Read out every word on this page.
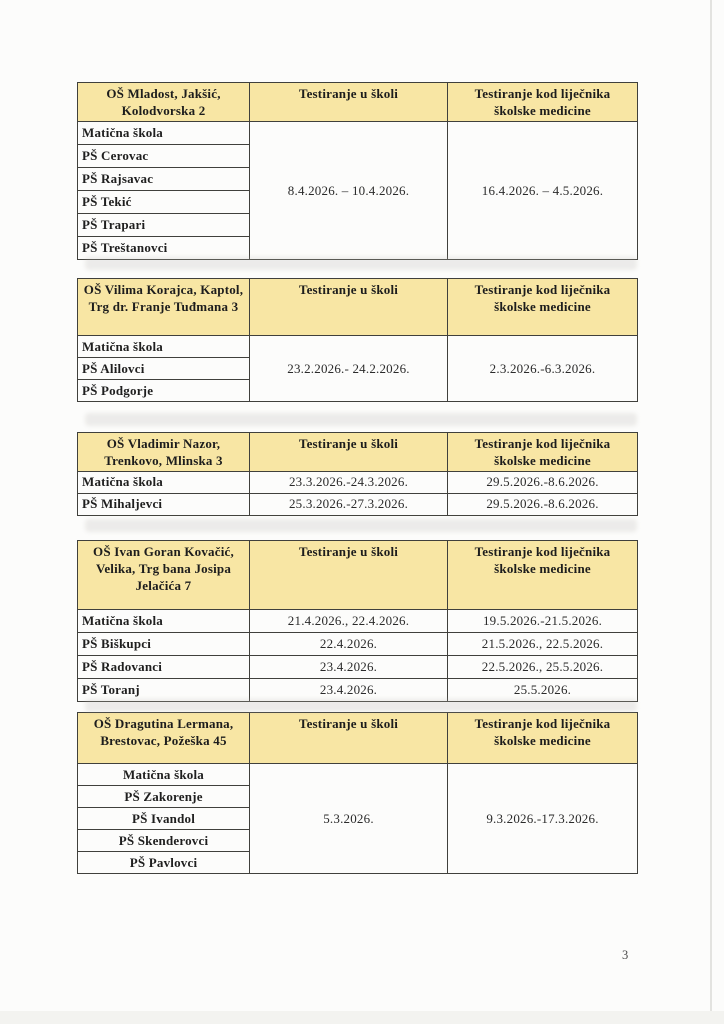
OŠ Mladost, Jakšić, Kolodvorska 2	Testiranje u školi	Testiranje kod liječnika školske medicine
Matična škola	8.4.2026. – 10.4.2026.	16.4.2026. – 4.5.2026.
PŠ Cerovac		
PŠ Rajsavac		
PŠ Tekić		
PŠ Trapari		
PŠ Treštanovci		
OŠ Vilima Korajca, Kaptol, Trg dr. Franje Tuđmana 3	Testiranje u školi	Testiranje kod liječnika školske medicine
Matična škola	23.2.2026.- 24.2.2026.	2.3.2026.-6.3.2026.
PŠ Alilovci		
PŠ Podgorje		
OŠ Vladimir Nazor, Trenkovo, Mlinska 3	Testiranje u školi	Testiranje kod liječnika školske medicine
Matična škola	23.3.2026.-24.3.2026.	29.5.2026.-8.6.2026.
PŠ Mihaljevci	25.3.2026.-27.3.2026.	29.5.2026.-8.6.2026.
OŠ Ivan Goran Kovačić, Velika, Trg bana Josipa Jelačića 7	Testiranje u školi	Testiranje kod liječnika školske medicine
Matična škola	21.4.2026., 22.4.2026.	19.5.2026.-21.5.2026.
PŠ Biškupci	22.4.2026.	21.5.2026., 22.5.2026.
PŠ Radovanci	23.4.2026.	22.5.2026., 25.5.2026.
PŠ Toranj	23.4.2026.	25.5.2026.
OŠ Dragutina Lermana, Brestovac, Požeška 45	Testiranje u školi	Testiranje kod liječnika školske medicine
Matična škola	5.3.2026.	9.3.2026.-17.3.2026.
PŠ Zakorenje		
PŠ Ivandol		
PŠ Skenderovci		
PŠ Pavlovci		
3
